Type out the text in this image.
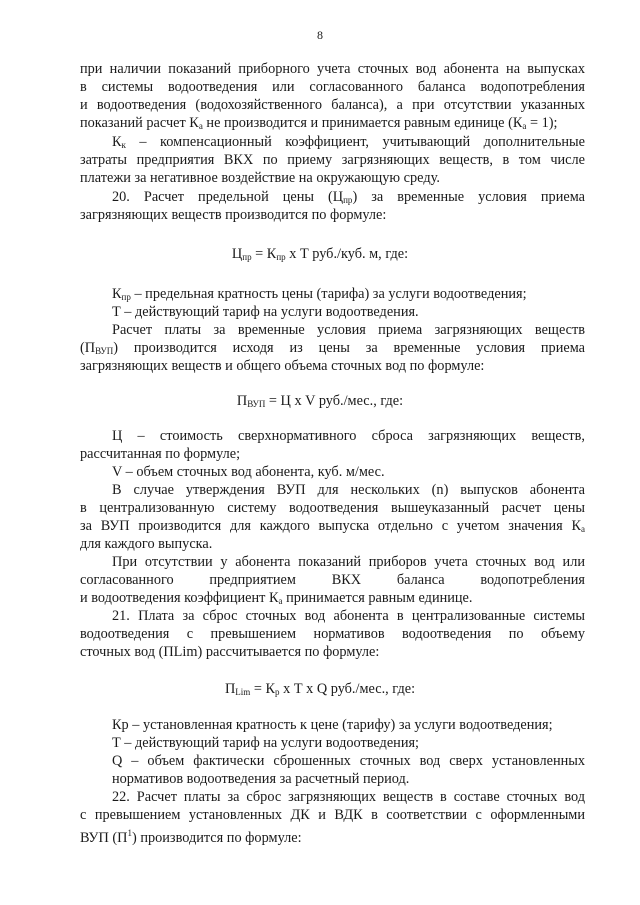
8
при наличии показаний приборного учета сточных вод абонента на выпусках
в системы водоотведения или согласованного баланса водопотребления
и водоотведения (водохозяйственного баланса), а при отсутствии указанных
показаний расчет $К_а$ не производится и принимается равным единице $(К_а = 1)$;
$К_к$ – компенсационный коэффициент, учитывающий дополнительные
затраты предприятия ВКХ по приему загрязняющих веществ, в том числе
платежи за негативное воздействие на окружающую среду.
20. Расчет предельной цены $(Ц_{пр})$ за временные условия приема
загрязняющих веществ производится по формуле:
$Ц_{пр} = К_{пр}$ х Т руб./куб. м, где:
$К_{пр}$ – предельная кратность цены (тарифа) за услуги водоотведения;
Т – действующий тариф на услуги водоотведения.
Расчет платы за временные условия приема загрязняющих веществ
$(П_{ВУП})$ производится исходя из цены за временные условия приема
загрязняющих веществ и общего объема сточных вод по формуле:
$П_{ВУП} = Ц$ х V руб./мес., где:
Ц – стоимость сверхнормативного сброса загрязняющих веществ,
рассчитанная по формуле;
V – объем сточных вод абонента, куб. м/мес.
В случае утверждения ВУП для нескольких (n) выпусков абонента
в централизованную систему водоотведения вышеуказанный расчет цены
за ВУП производится для каждого выпуска отдельно с учетом значения $К_а$
для каждого выпуска.
При отсутствии у абонента показаний приборов учета сточных вод или
согласованного предприятием ВКХ баланса водопотребления
и водоотведения коэффициент $К_а$ принимается равным единице.
21. Плата за сброс сточных вод абонента в централизованные системы
водоотведения с превышением нормативов водоотведения по объему
сточных вод (ПLim) рассчитывается по формуле:
$П_{Lim} = К_р$ х Т х Q руб./мес., где:
Кр – установленная кратность к цене (тарифу) за услуги водоотведения;
Т – действующий тариф на услуги водоотведения;
Q – объем фактически сброшенных сточных вод сверх установленных
нормативов водоотведения за расчетный период.
22. Расчет платы за сброс загрязняющих веществ в составе сточных вод
с превышением установленных ДК и ВДК в соответствии с оформленными
ВУП $(П^1)$ производится по формуле:
